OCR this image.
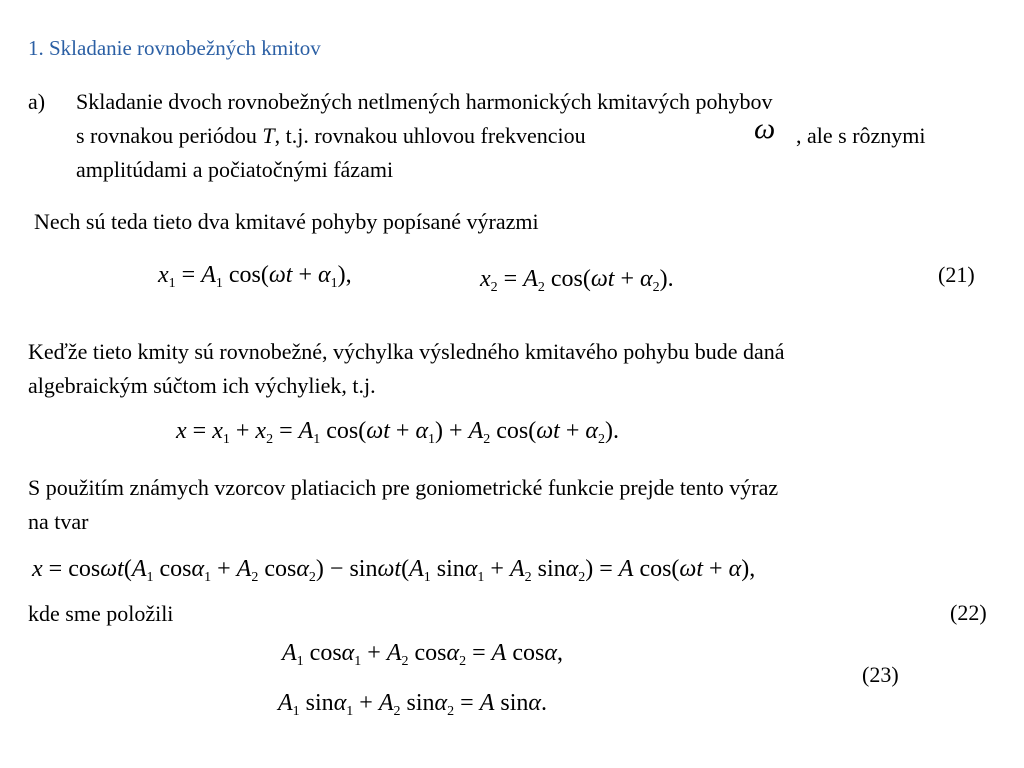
1. Skladanie rovnobežných kmitov
a) Skladanie dvoch rovnobežných netlmených harmonických kmitavých pohybov
s rovnakou periódou T, t.j. rovnakou uhlovou frekvenciou	ω , ale s rôznymi
amplitúdami a počiatočnými fázami
Nech sú teda tieto dva kmitavé pohyby popísané výrazmi
$x_1 = A_1$ $\cos(\omega t + \alpha_1)$,	$x_2 = A_2$ $\cos(\omega t + \alpha_2)$.	(21)
Keďže tieto kmity sú rovnobežné, výchylka výsledného kmitavého pohybu bude daná
algebraickým súčtom ich výchyliek, t.j.
$x = x_1 + x_2 = A_1$ $\cos(\omega t + \alpha_1) + A_2$ $\cos(\omega t + \alpha_2)$.
S použitím známych vzorcov platiacich pre goniometrické funkcie prejde tento výraz
na tvar
$x = \cos\omega t(A_1$ $\cos\alpha_1 + A_2$ $\cos\alpha_2) - \sin\omega t(A_1$ $\sin\alpha_1 + A_2$ sinα$_2$) = A cos(ωt + α),
kde sme položili	(22)
$A_1$ $\cos\alpha_1 + A_2$ cosα$_2$ = A cosα,
(23)
$A_1$ $\sin\alpha_1 + A_2$ sinα$_2$ = A sinα.
